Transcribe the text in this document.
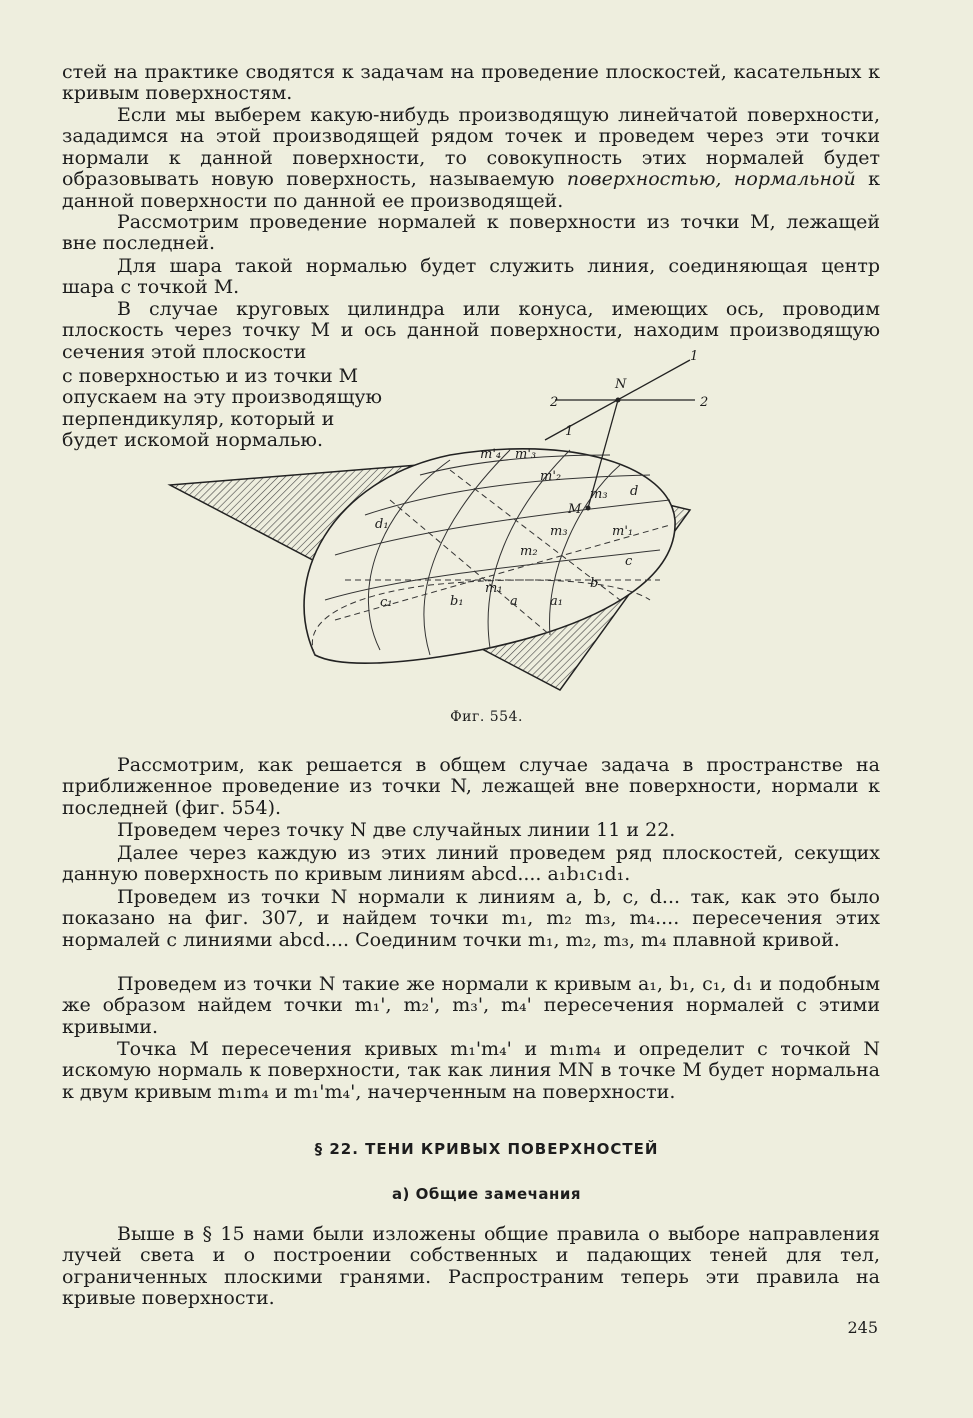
стей на практике сводятся к задачам на проведение плоскостей, касательных к кривым поверхностям.

Если мы выберем какую-нибудь производящую линейчатой поверхности, зададимся на этой производящей рядом точек и проведем через эти точки нормали к данной поверхности, то совокупность этих нормалей будет образовывать новую поверхность, называемую поверхностью, нормальной к данной поверхности по данной ее производящей.

Рассмотрим проведение нормалей к поверхности из точки M, лежащей вне последней.

Для шара такой нормалью будет служить линия, соединяющая центр шара с точкой M.

В случае круговых цилиндра или конуса, имеющих ось, проводим плоскость через точку M и ось данной поверхности, находим производящую сечения этой плоскости

с поверхностью и из точки M опускаем на эту производящую перпендикуляр, который и будет искомой нормалью.

N
1
1
2	2
m'₄ m'₃
m'₂
m₃ d
M
m₃	m'₁
m₂
c
d₁
m₁	b
c₁	b₁	a a₁
Фиг. 554.

Рассмотрим, как решается в общем случае задача в пространстве на приближенное проведение из точки N, лежащей вне поверхности, нормали к последней (фиг. 554).

Проведем через точку N две случайных линии 11 и 22.

Далее через каждую из этих линий проведем ряд плоскостей, секущих данную поверхность по кривым линиям abcd.... a₁b₁c₁d₁.

Проведем из точки N нормали к линиям a, b, c, d... так, как это было показано на фиг. 307, и найдем точки m₁, m₂ m₃, m₄.... пересечения этих нормалей с линиями abcd.... Соединим точки m₁, m₂, m₃, m₄ плавной кривой.

Проведем из точки N такие же нормали к кривым a₁, b₁, c₁, d₁ и подобным же образом найдем точки m₁', m₂', m₃', m₄' пересечения нормалей с этими кривыми.

Точка M пересечения кривых m₁'m₄' и m₁m₄ и определит с точкой N искомую нормаль к поверхности, так как линия MN в точке M будет нормальна к двум кривым m₁m₄ и m₁'m₄', начерченным на поверхности.

§ 22. ТЕНИ КРИВЫХ ПОВЕРХНОСТЕЙ
а) Общие замечания

Выше в § 15 нами были изложены общие правила о выборе направления лучей света и о построении собственных и падающих теней для тел, ограниченных плоскими гранями. Распространим теперь эти правила на кривые поверхности.

245
